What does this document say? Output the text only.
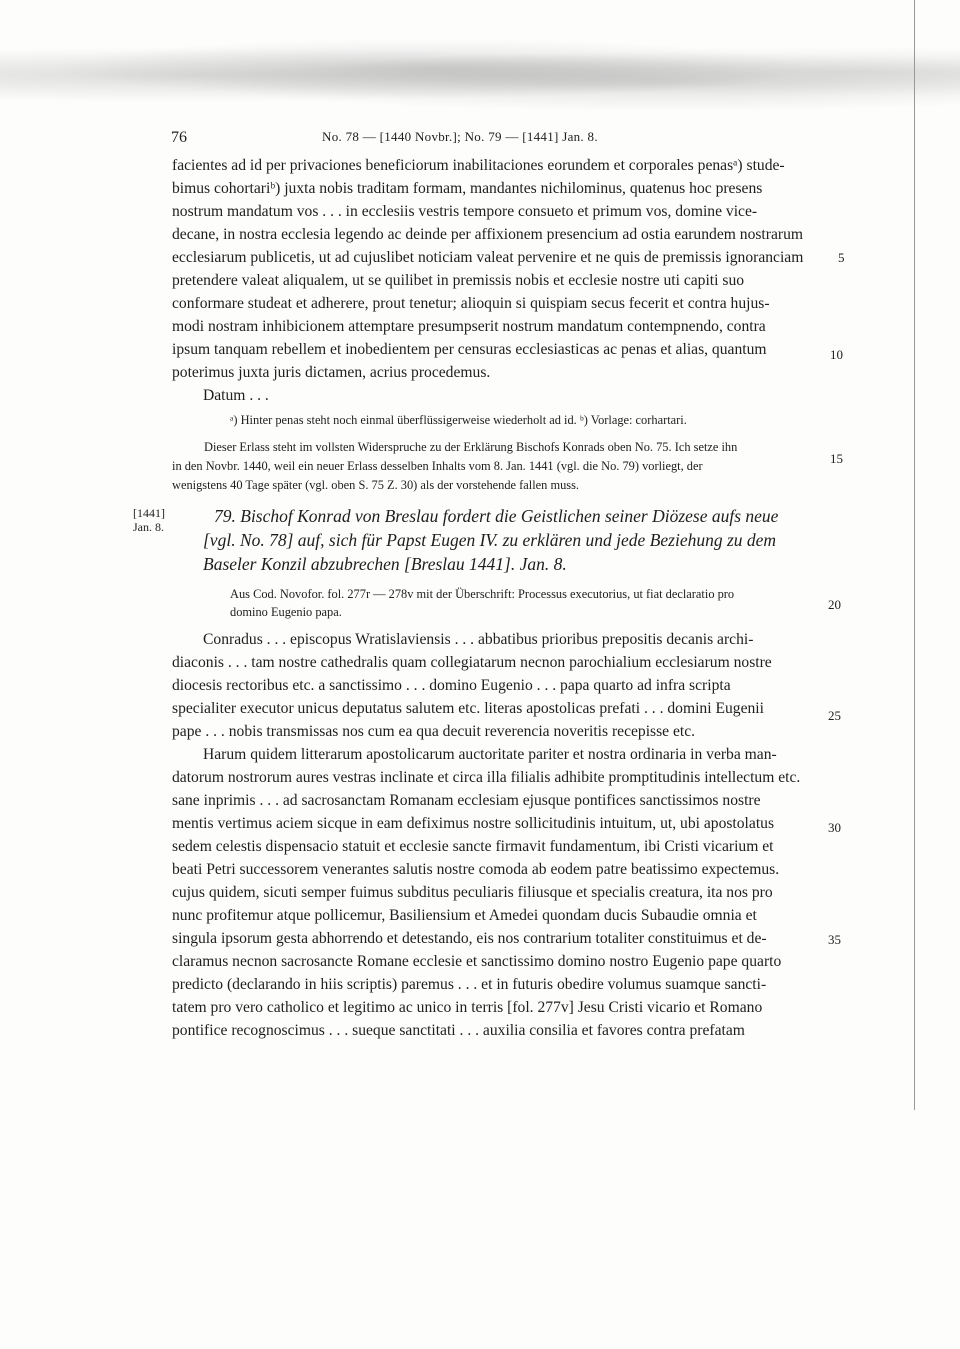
76	No. 78 — [1440 Novbr.]; No. 79 — [1441] Jan. 8.
facientes ad id per privaciones beneficiorum inabilitaciones eorundem et corporales penasᵃ) stude-
bimus cohortariᵇ) juxta nobis traditam formam, mandantes nichilominus, quatenus hoc presens
nostrum mandatum vos . . . in ecclesiis vestris tempore consueto et primum vos, domine vice-
decane, in nostra ecclesia legendo ac deinde per affixionem presencium ad ostia earundem nostrarum
ecclesiarum publicetis, ut ad cujuslibet noticiam valeat pervenire et ne quis de premissis ignoranciam
pretendere valeat aliqualem, ut se quilibet in premissis nobis et ecclesie nostre uti capiti suo
conformare studeat et adherere, prout tenetur; alioquin si quispiam secus fecerit et contra hujus-
modi nostram inhibicionem attemptare presumpserit nostrum mandatum contempnendo, contra
ipsum tanquam rebellem et inobedientem per censuras ecclesiasticas ac penas et alias, quantum
poterimus juxta juris dictamen, acrius procedemus.
Datum . . .
ᵃ) Hinter penas steht noch einmal überflüssigerweise wiederholt ad id. ᵇ) Vorlage: corhartari.
Dieser Erlass steht im vollsten Widerspruche zu der Erklärung Bischofs Konrads oben No. 75. Ich setze ihn
in den Novbr. 1440, weil ein neuer Erlass desselben Inhalts vom 8. Jan. 1441 (vgl. die No. 79) vorliegt, der
wenigstens 40 Tage später (vgl. oben S. 75 Z. 30) als der vorstehende fallen muss.
[1441]
Jan. 8.
79. Bischof Konrad von Breslau fordert die Geistlichen seiner Diözese aufs neue
[vgl. No. 78] auf, sich für Papst Eugen IV. zu erklären und jede Beziehung zu dem
Baseler Konzil abzubrechen [Breslau 1441]. Jan. 8.
Aus Cod. Novofor. fol. 277r — 278v mit der Überschrift: Processus executorius, ut fiat declaratio pro
domino Eugenio papa.
Conradus . . . episcopus Wratislaviensis . . . abbatibus prioribus prepositis decanis archi-
diaconis . . . tam nostre cathedralis quam collegiatarum necnon parochialium ecclesiarum nostre
diocesis rectoribus etc. a sanctissimo . . . domino Eugenio . . . papa quarto ad infra scripta
specialiter executor unicus deputatus salutem etc. literas apostolicas prefati . . . domini Eugenii
pape . . . nobis transmissas nos cum ea qua decuit reverencia noveritis recepisse etc.
Harum quidem litterarum apostolicarum auctoritate pariter et nostra ordinaria in verba man-
datorum nostrorum aures vestras inclinate et circa illa filialis adhibite promptitudinis intellectum etc.
sane inprimis . . . ad sacrosanctam Romanam ecclesiam ejusque pontifices sanctissimos nostre
mentis vertimus aciem sicque in eam defiximus nostre sollicitudinis intuitum, ut, ubi apostolatus
sedem celestis dispensacio statuit et ecclesie sancte firmavit fundamentum, ibi Cristi vicarium et
beati Petri successorem venerantes salutis nostre comoda ab eodem patre beatissimo expectemus.
cujus quidem, sicuti semper fuimus subditus peculiaris filiusque et specialis creatura, ita nos pro
nunc profitemur atque pollicemur, Basiliensium et Amedei quondam ducis Subaudie omnia et
singula ipsorum gesta abhorrendo et detestando, eis nos contrarium totaliter constituimus et de-
claramus necnon sacrosancte Romane ecclesie et sanctissimo domino nostro Eugenio pape quarto
predicto (declarando in hiis scriptis) paremus . . . et in futuris obedire volumus suamque sancti-
tatem pro vero catholico et legitimo ac unico in terris [fol. 277v] Jesu Cristi vicario et Romano
pontifice recognoscimus . . . sueque sanctitati . . . auxilia consilia et favores contra prefatam
5
10
15
20
25
30
35
